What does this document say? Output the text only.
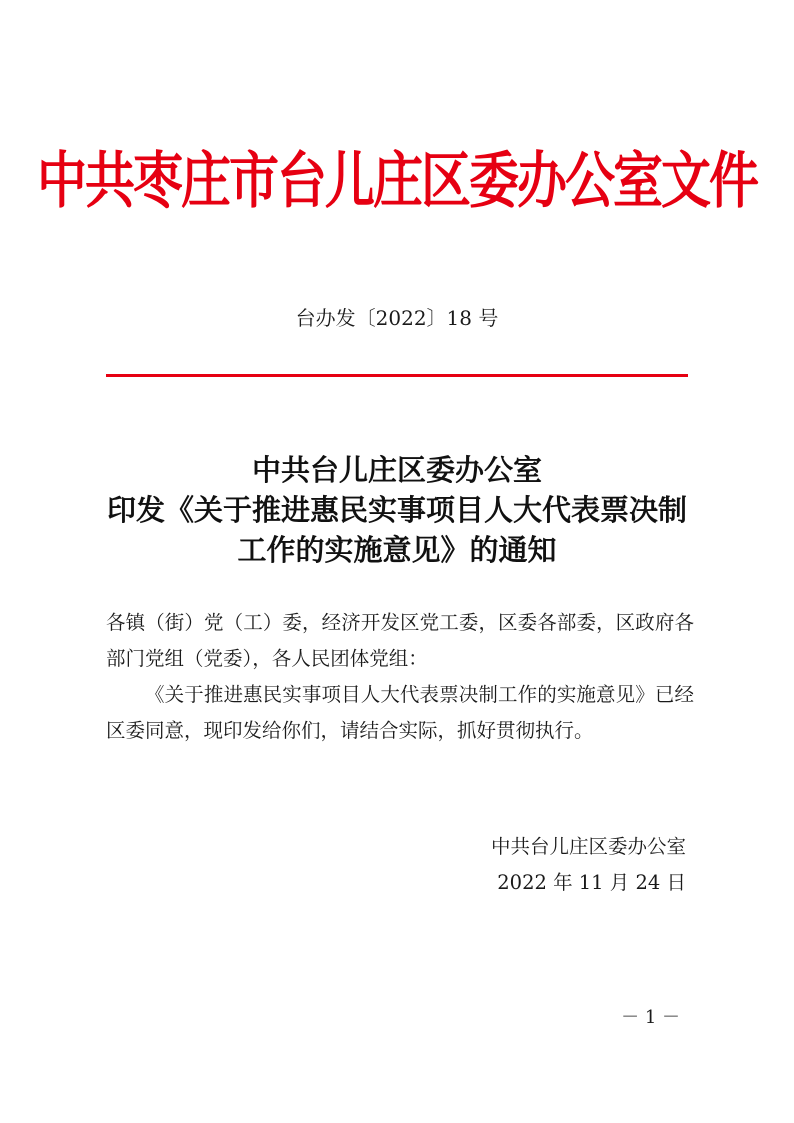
中共枣庄市台儿庄区委办公室文件
台办发〔2022〕18 号
中共台儿庄区委办公室
印发《关于推进惠民实事项目人大代表票决制
工作的实施意见》的通知

各镇（街）党（工）委，经济开发区党工委，区委各部委，区政府各部门党组（党委），各人民团体党组：

《关于推进惠民实事项目人大代表票决制工作的实施意见》已经区委同意，现印发给你们，请结合实际，抓好贯彻执行。

中共台儿庄区委办公室
2022 年 11 月 24 日
－ 1 －
